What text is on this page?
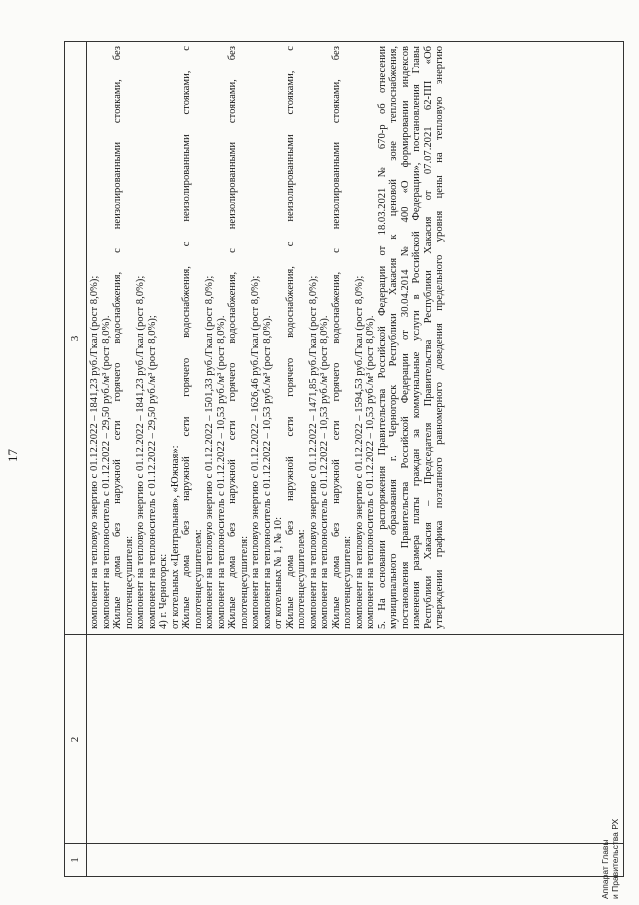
17
1
2
3 компонент на тепловую энергию с 01.12.2022 – 1841,23 руб./Гкал (рост 8,0%); компонент на теплоноситель с 01.12.2022 – 29,50 руб./м³ (рост 8,0%). Жилые дома без наружной сети горячего водоснабжения, с неизолированными стояками, без полотенцесушителя: компонент на тепловую энергию с 01.12.2022 – 1841,23 руб./Гкал (рост 8,0%); компонент на теплоноситель с 01.12.2022 – 29,50 руб./м³ (рост 8,0%); 4) г. Черногорск: от котельных «Центральная», «Южная»: Жилые дома без наружной сети горячего водоснабжения, с неизолированными стояками, с полотенцесушителем: компонент на тепловую энергию с 01.12.2022 – 1501,33 руб./Гкал (рост 8,0%); компонент на теплоноситель с 01.12.2022 – 10,53 руб./м³ (рост 8,0%). Жилые дома без наружной сети горячего водоснабжения, с неизолированными стояками, без полотенцесушителя: компонент на тепловую энергию с 01.12.2022 – 1626,46 руб./Гкал (рост 8,0%); компонент на теплоноситель с 01.12.2022 – 10,53 руб./м³ (рост 8,0%). от котельных № 1, № 10: Жилые дома без наружной сети горячего водоснабжения, с неизолированными стояками, с полотенцесушителем: компонент на тепловую энергию с 01.12.2022 – 1471,85 руб./Гкал (рост 8,0%); компонент на теплоноситель с 01.12.2022 – 10,53 руб./м³ (рост 8,0%). Жилые дома без наружной сети горячего водоснабжения, с неизолированными стояками, без полотенцесушителя: компонент на тепловую энергию с 01.12.2022 – 1594,53 руб./Гкал (рост 8,0%); компонент на теплоноситель с 01.12.2022 – 10,53 руб./м³ (рост 8,0%). 5. На основании распоряжения Правительства Российской Федерации от 18.03.2021 № 670-р об отнесении муниципального образования г. Черногорск Республики Хакасия к ценовой зоне теплоснабжения, постановления Правительства Российской Федерации от 30.04.2014 № 400 «О формировании индексов изменения размера платы граждан за коммунальные услуги в Российской Федерации», постановления Главы Республики Хакасия – Председателя Правительства Республики Хакасия от 07.07.2021 62-ПП «Об утверждении графика поэтапного равномерного доведения предельного уровня цены на тепловую энергию
Аппарат Главы и Правительства РХ
